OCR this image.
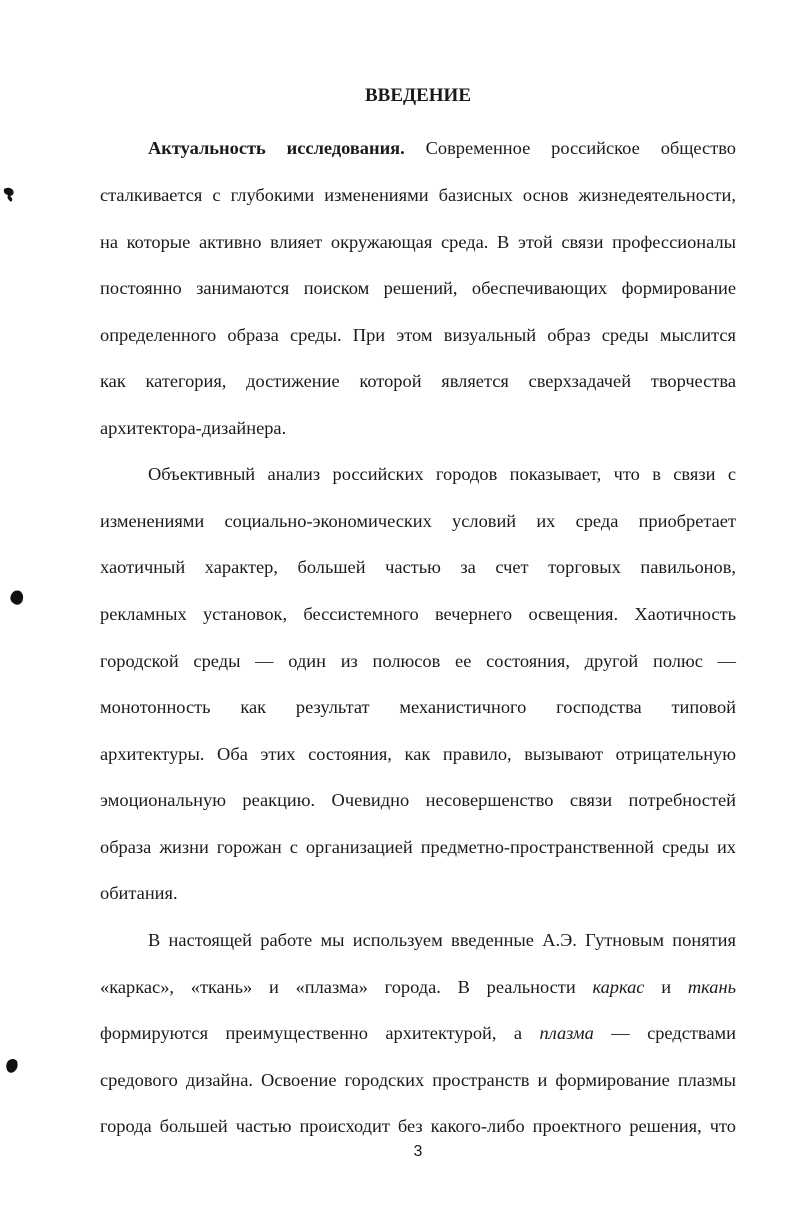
ВВЕДЕНИЕ
Актуальность исследования. Современное российское общество
сталкивается с глубокими изменениями базисных основ жизнедеятельности,
на которые активно влияет окружающая среда. В этой связи профессионалы
постоянно занимаются поиском решений, обеспечивающих формирование
определенного образа среды. При этом визуальный образ среды мыслится
как категория, достижение которой является сверхзадачей творчества
архитектора-дизайнера.
Объективный анализ российских городов показывает, что в связи с
изменениями социально-экономических условий их среда приобретает
хаотичный характер, большей частью за счет торговых павильонов,
рекламных установок, бессистемного вечернего освещения. Хаотичность
городской среды — один из полюсов ее состояния, другой полюс —
монотонность как результат механистичного господства типовой
архитектуры. Оба этих состояния, как правило, вызывают отрицательную
эмоциональную реакцию. Очевидно несовершенство связи потребностей
образа жизни горожан с организацией предметно-пространственной среды их
обитания.
В настоящей работе мы используем введенные А.Э. Гутновым понятия
«каркас», «ткань» и «плазма» города. В реальности каркас и ткань
формируются преимущественно архитектурой, а плазма — средствами
средового дизайна. Освоение городских пространств и формирование плазмы
города большей частью происходит без какого-либо проектного решения, что
3
